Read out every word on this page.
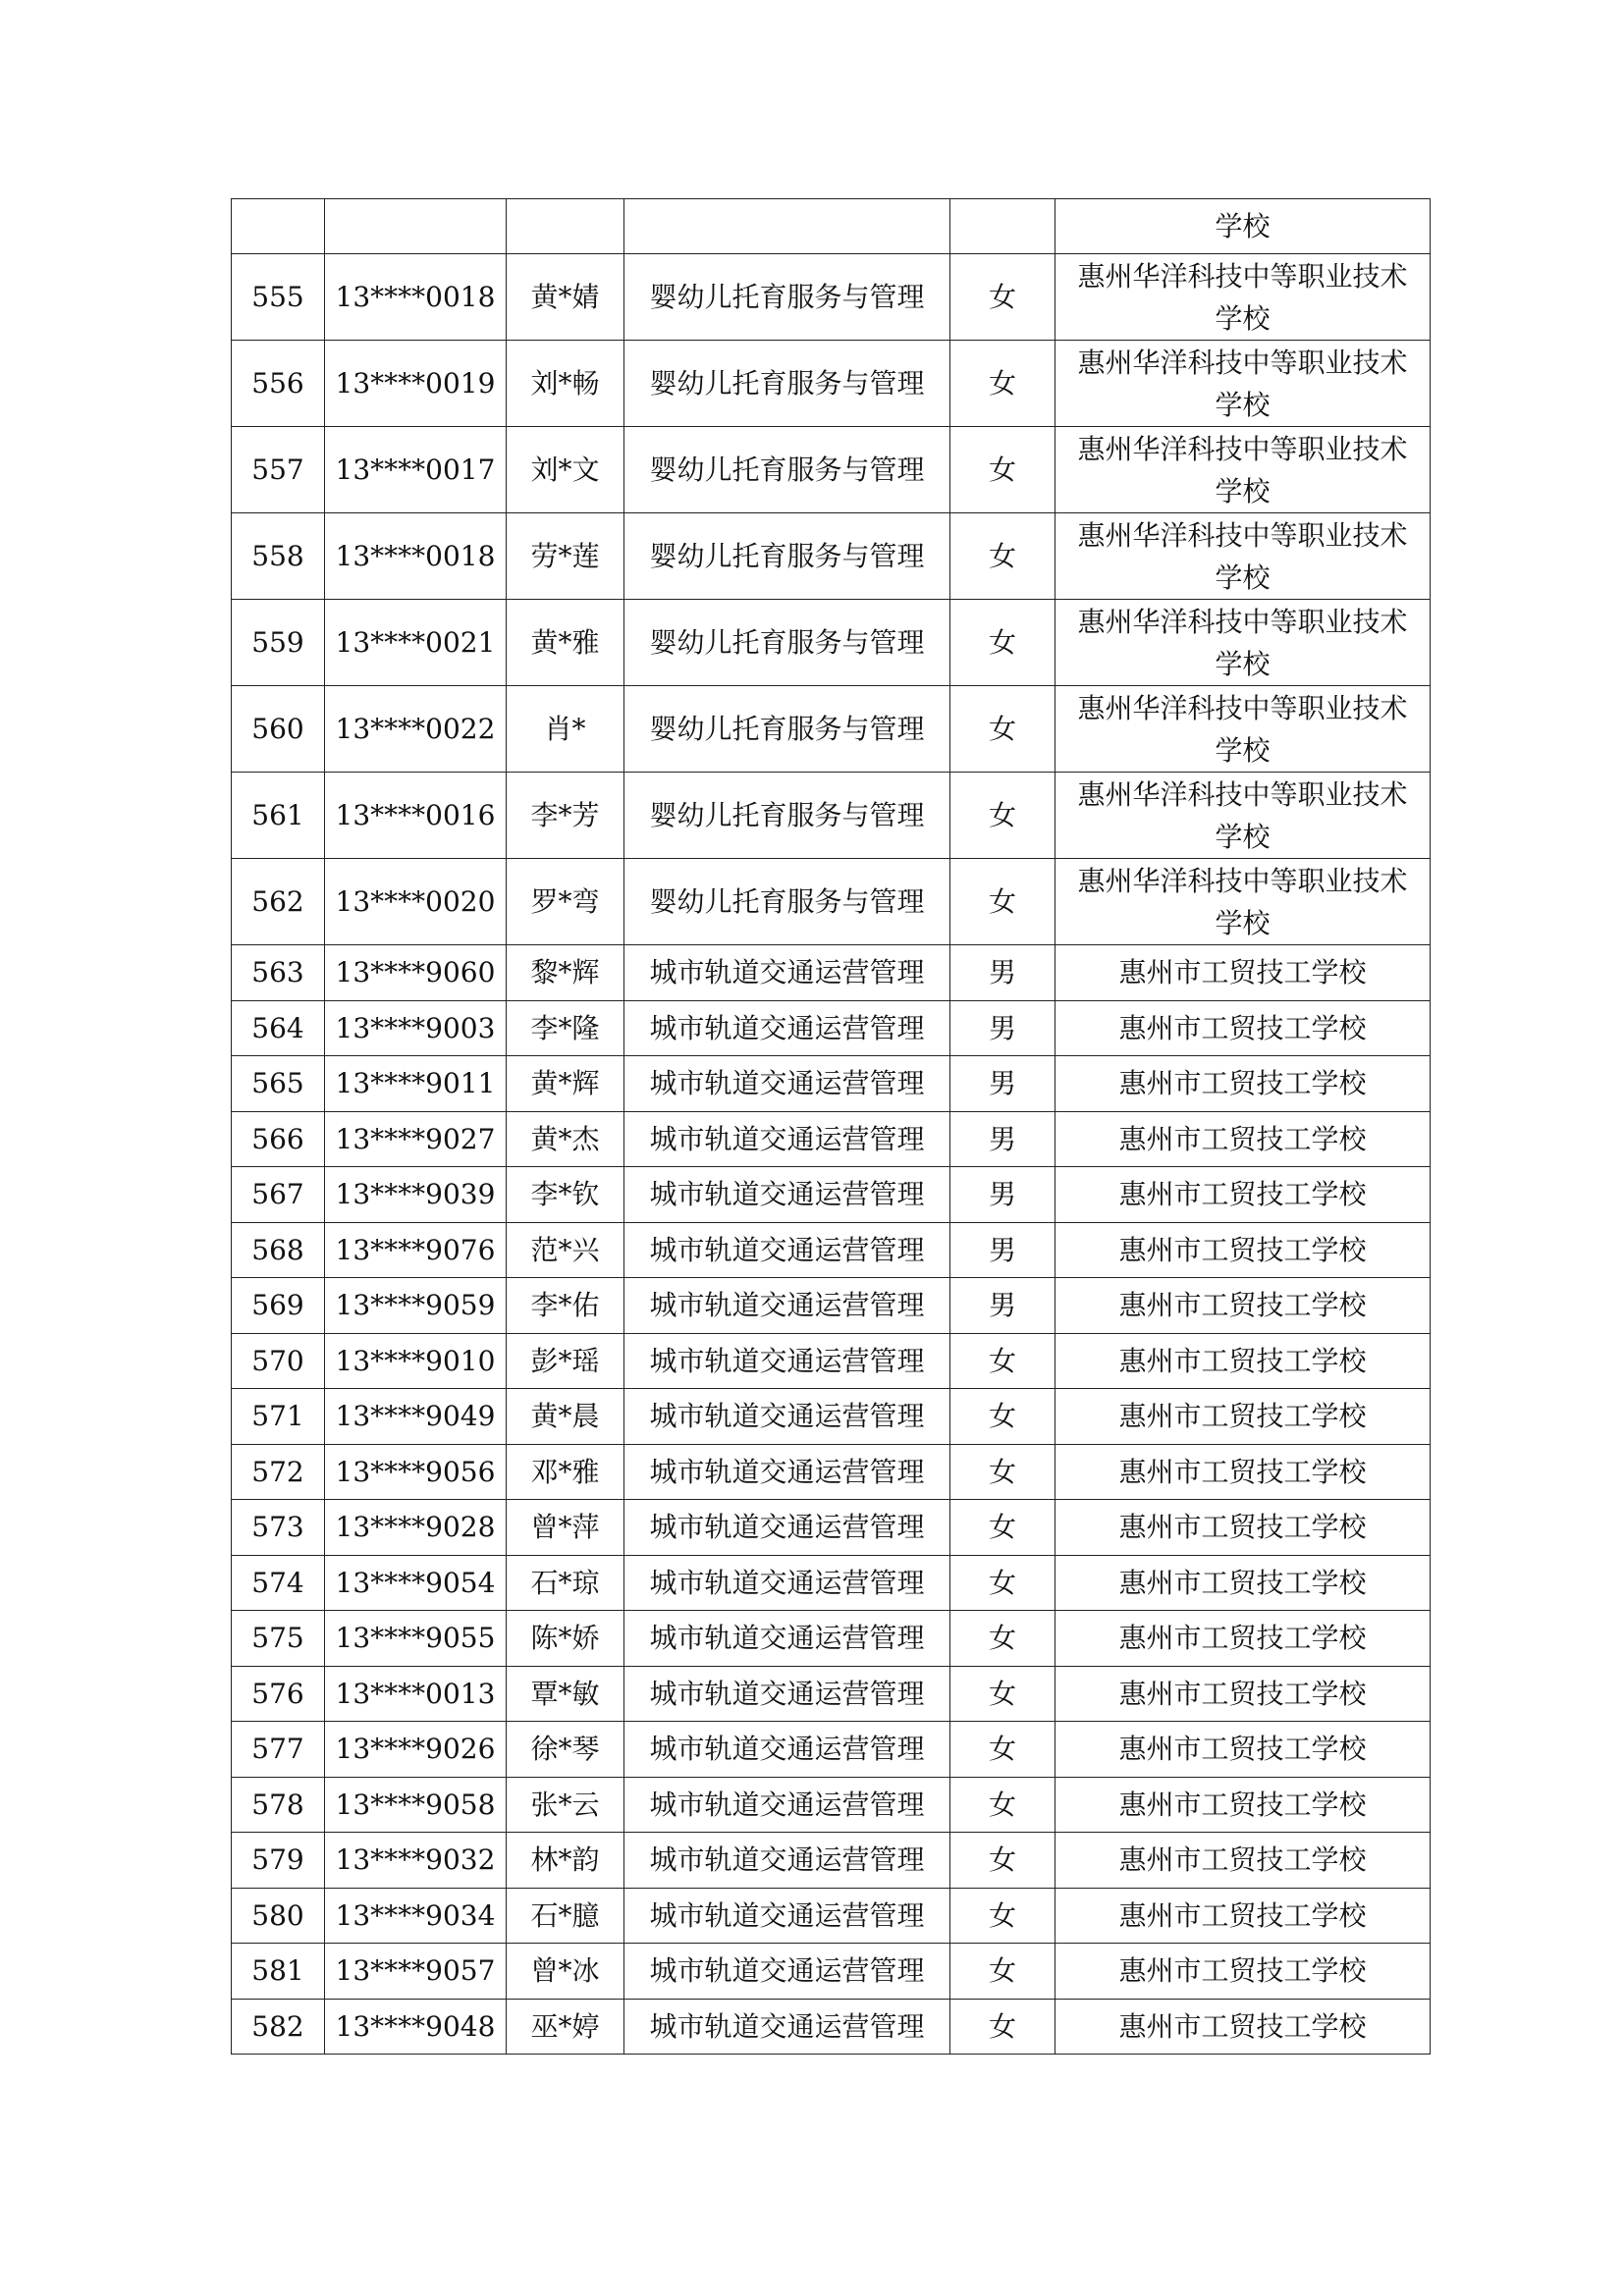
					学校
555	13****0018	黄*婧	婴幼儿托育服务与管理	女	惠州华洋科技中等职业技术学校
556	13****0019	刘*畅	婴幼儿托育服务与管理	女	惠州华洋科技中等职业技术学校
557	13****0017	刘*文	婴幼儿托育服务与管理	女	惠州华洋科技中等职业技术学校
558	13****0018	劳*莲	婴幼儿托育服务与管理	女	惠州华洋科技中等职业技术学校
559	13****0021	黄*雅	婴幼儿托育服务与管理	女	惠州华洋科技中等职业技术学校
560	13****0022	肖*	婴幼儿托育服务与管理	女	惠州华洋科技中等职业技术学校
561	13****0016	李*芳	婴幼儿托育服务与管理	女	惠州华洋科技中等职业技术学校
562	13****0020	罗*弯	婴幼儿托育服务与管理	女	惠州华洋科技中等职业技术学校
563	13****9060	黎*辉	城市轨道交通运营管理	男	惠州市工贸技工学校
564	13****9003	李*隆	城市轨道交通运营管理	男	惠州市工贸技工学校
565	13****9011	黄*辉	城市轨道交通运营管理	男	惠州市工贸技工学校
566	13****9027	黄*杰	城市轨道交通运营管理	男	惠州市工贸技工学校
567	13****9039	李*钦	城市轨道交通运营管理	男	惠州市工贸技工学校
568	13****9076	范*兴	城市轨道交通运营管理	男	惠州市工贸技工学校
569	13****9059	李*佑	城市轨道交通运营管理	男	惠州市工贸技工学校
570	13****9010	彭*瑶	城市轨道交通运营管理	女	惠州市工贸技工学校
571	13****9049	黄*晨	城市轨道交通运营管理	女	惠州市工贸技工学校
572	13****9056	邓*雅	城市轨道交通运营管理	女	惠州市工贸技工学校
573	13****9028	曾*萍	城市轨道交通运营管理	女	惠州市工贸技工学校
574	13****9054	石*琼	城市轨道交通运营管理	女	惠州市工贸技工学校
575	13****9055	陈*娇	城市轨道交通运营管理	女	惠州市工贸技工学校
576	13****0013	覃*敏	城市轨道交通运营管理	女	惠州市工贸技工学校
577	13****9026	徐*琴	城市轨道交通运营管理	女	惠州市工贸技工学校
578	13****9058	张*云	城市轨道交通运营管理	女	惠州市工贸技工学校
579	13****9032	林*韵	城市轨道交通运营管理	女	惠州市工贸技工学校
580	13****9034	石*臆	城市轨道交通运营管理	女	惠州市工贸技工学校
581	13****9057	曾*冰	城市轨道交通运营管理	女	惠州市工贸技工学校
582	13****9048	巫*婷	城市轨道交通运营管理	女	惠州市工贸技工学校
